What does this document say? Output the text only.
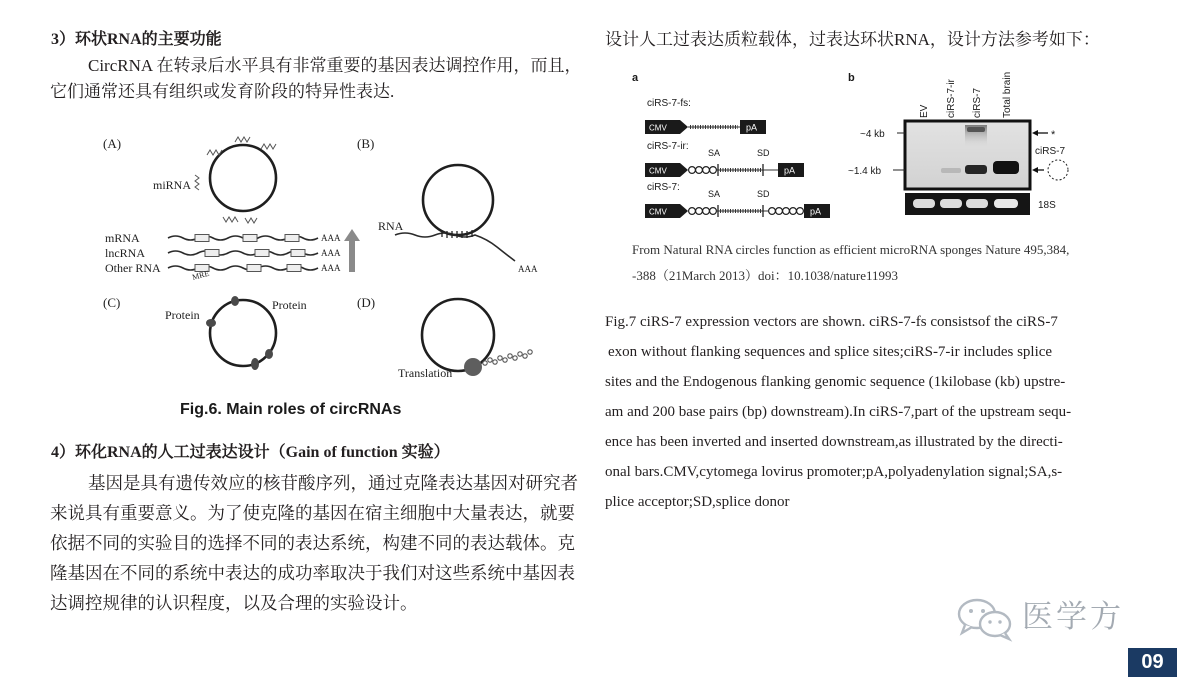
3）环状RNA的主要功能
CircRNA 在转录后水平具有非常重要的基因表达调控作用，而且，
它们通常还具有组织或发育阶段的特异性表达.
(A)
miRNA
mRNA
lncRNA
Other RNA
AAA
AAA
AAA
MRE
(B)
RNA
AAA
(C)
Protein
Protein	(D)
Translation
Fig.6. Main roles of circRNAs
4）环化RNA的人工过表达设计（Gain of function 实验）
基因是具有遗传效应的核苷酸序列，通过克隆表达基因对研究者
来说具有重要意义。为了使克隆的基因在宿主细胞中大量表达，就要
依据不同的实验目的选择不同的表达系统，构建不同的表达载体。克
隆基因在不同的系统中表达的成功率取决于我们对这些系统中基因表
达调控规律的认识程度，以及合理的实验设计。
设计人工过表达质粒载体，过表达环状RNA，设计方法参考如下：
a
ciRS-7-fs:
CMV	pA
ciRS-7-ir:
SA	SD
CMV	pA
ciRS-7:
SA	SD
CMV	pA
b
EV ciRS-7-ir ciRS-7 Total brain
~4 kb
~1.4 kb
*
ciRS-7
18S
From Natural RNA circles function as efficient microRNA sponges Nature 495,384,
-388（21March 2013）doi：10.1038/nature11993
Fig.7 ciRS-7 expression vectors are shown. ciRS-7-fs consistsof the ciRS-7
exon without flanking sequences and splice sites;ciRS-7-ir includes splice
sites and the Endogenous flanking genomic sequence (1kilobase (kb) upstre-
am and 200 base pairs (bp) downstream).In ciRS-7,part of the upstream sequ-
ence has been inverted and inserted downstream,as illustrated by the directi-
onal bars.CMV,cytomega lovirus promoter;pA,polyadenylation signal;SA,s-
plice acceptor;SD,splice donor
医学方
09
